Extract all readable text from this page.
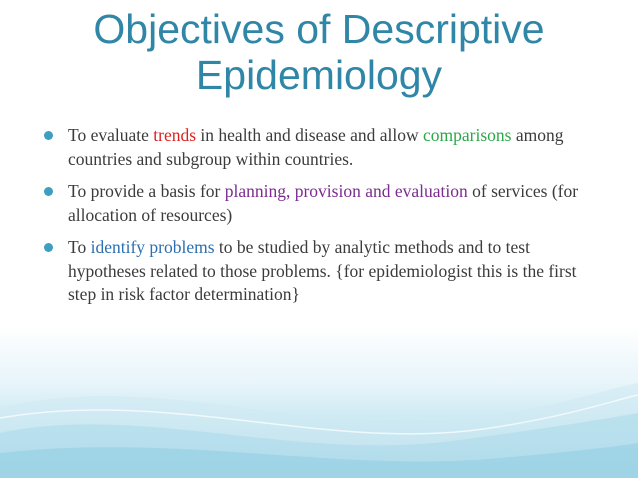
Objectives of Descriptive
Epidemiology
To evaluate trends in health and disease and allow comparisons among countries and subgroup within countries.
To provide a basis for planning, provision and evaluation of services (for allocation of resources)
To identify problems to be studied by analytic methods and to test hypotheses related to those problems. {for epidemiologist this is the first step in risk factor determination}
